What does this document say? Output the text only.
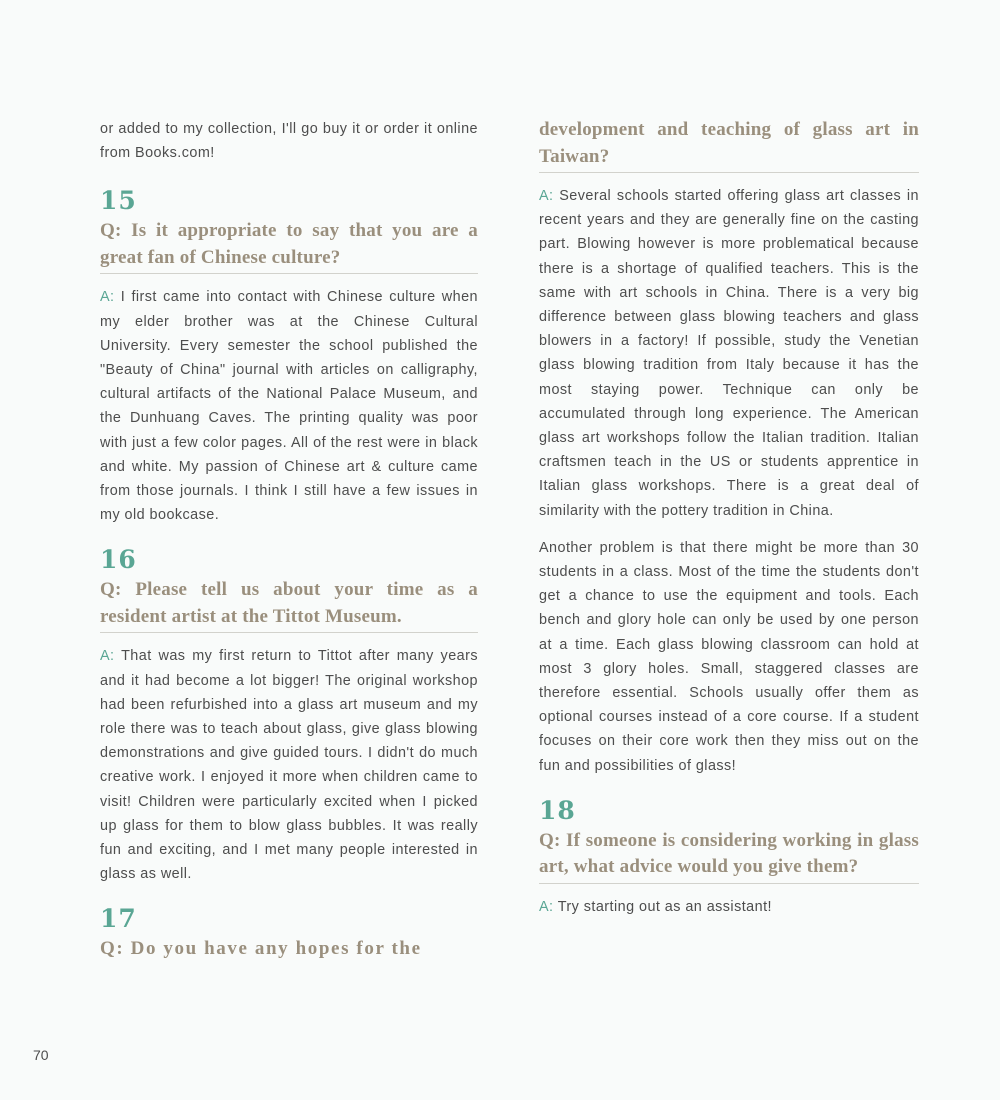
or added to my collection, I'll go buy it or order it online from Books.com!

15
Q: Is it appropriate to say that you are a great fan of Chinese culture?

A: I first came into contact with Chinese culture when my elder brother was at the Chinese Cultural University. Every semester the school published the "Beauty of China" journal with articles on calligraphy, cultural artifacts of the National Palace Museum, and the Dunhuang Caves. The printing quality was poor with just a few color pages. All of the rest were in black and white. My passion of Chinese art & culture came from those journals. I think I still have a few issues in my old bookcase.

16
Q: Please tell us about your time as a resident artist at the Tittot Museum.

A: That was my first return to Tittot after many years and it had become a lot bigger! The original workshop had been refurbished into a glass art museum and my role there was to teach about glass, give glass blowing demonstrations and give guided tours. I didn't do much creative work. I enjoyed it more when children came to visit! Children were particularly excited when I picked up glass for them to blow glass bubbles. It was really fun and exciting, and I met many people interested in glass as well.

17
Q: Do you have any hopes for the
development and teaching of glass art in Taiwan?

A: Several schools started offering glass art classes in recent years and they are generally fine on the casting part. Blowing however is more problematical because there is a shortage of qualified teachers. This is the same with art schools in China. There is a very big difference between glass blowing teachers and glass blowers in a factory! If possible, study the Venetian glass blowing tradition from Italy because it has the most staying power. Technique can only be accumulated through long experience. The American glass art workshops follow the Italian tradition. Italian craftsmen teach in the US or students apprentice in Italian glass workshops. There is a great deal of similarity with the pottery tradition in China.

Another problem is that there might be more than 30 students in a class. Most of the time the students don't get a chance to use the equipment and tools. Each bench and glory hole can only be used by one person at a time. Each glass blowing classroom can hold at most 3 glory holes. Small, staggered classes are therefore essential. Schools usually offer them as optional courses instead of a core course. If a student focuses on their core work then they miss out on the fun and possibilities of glass!

18
Q: If someone is considering working in glass art, what advice would you give them?

A: Try starting out as an assistant!

70
